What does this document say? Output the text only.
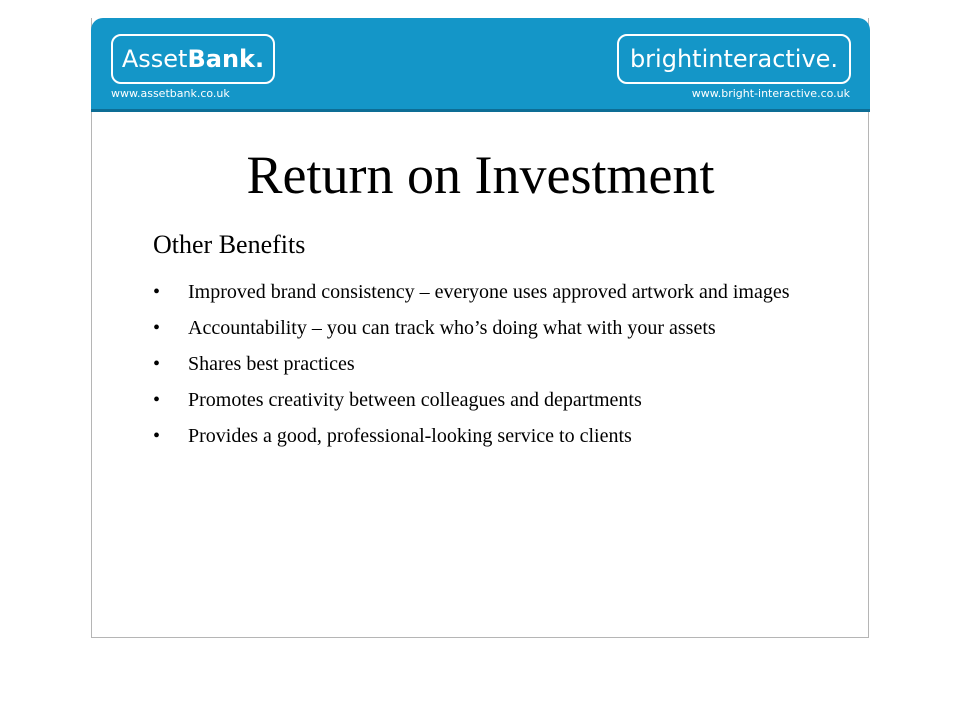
Asset Bank.
www.assetbank.co.uk
bright interactive.
www.bright-interactive.co.uk
Return on Investment
Other Benefits
• Improved brand consistency – everyone uses approved artwork and images
• Accountability – you can track who’s doing what with your assets
• Shares best practices
• Promotes creativity between colleagues and departments
• Provides a good, professional-looking service to clients
